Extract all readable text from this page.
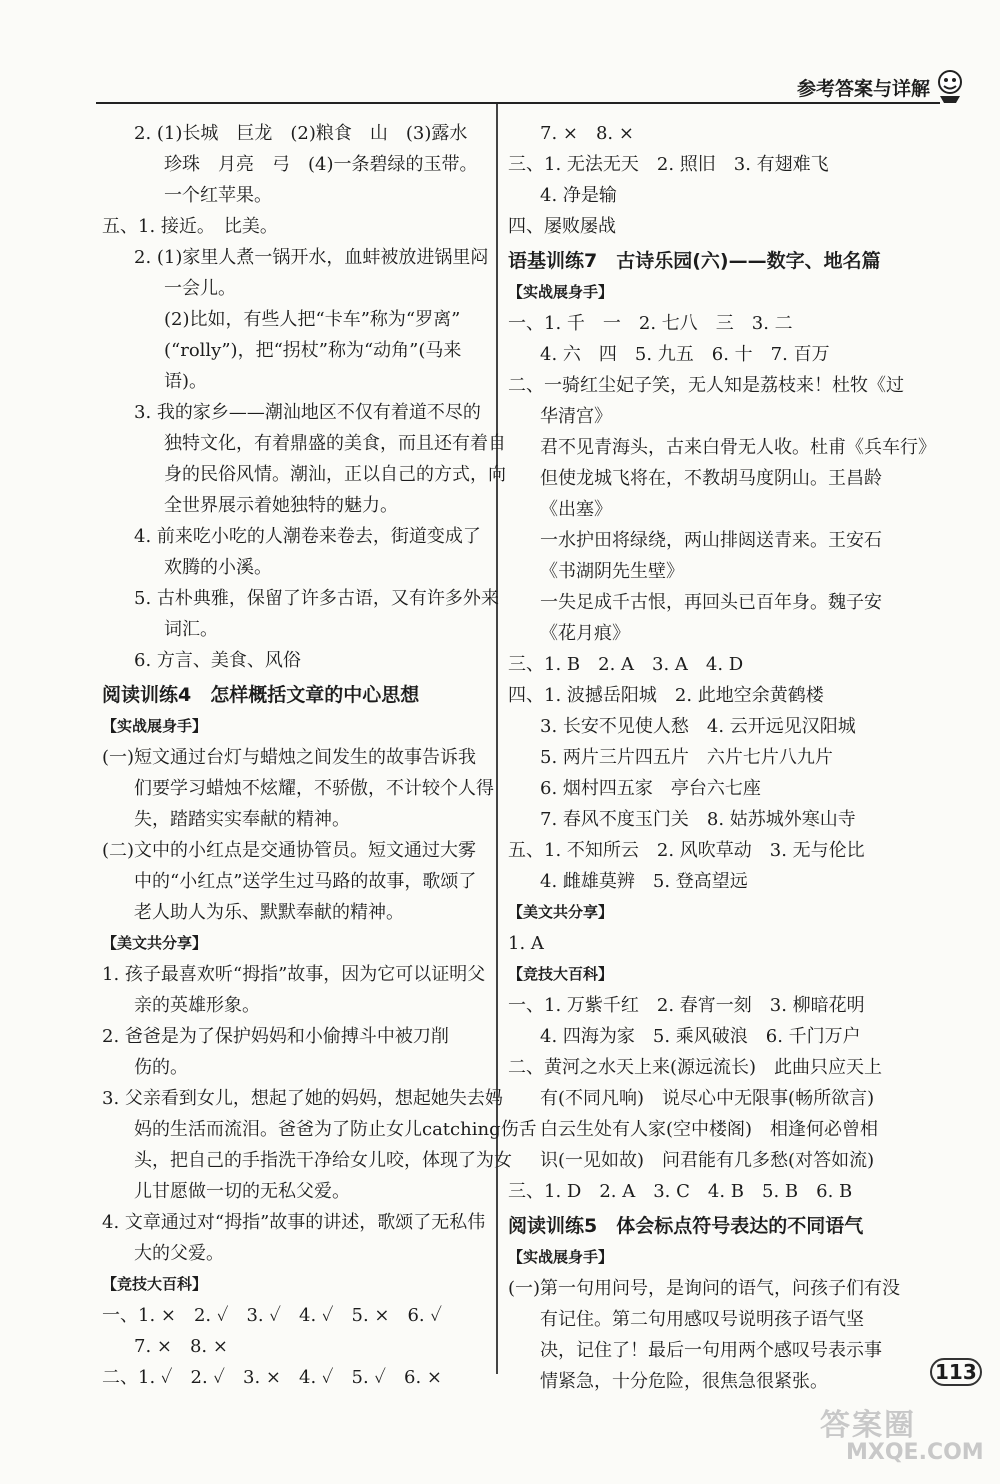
参考答案与详解
2. (1)长城　巨龙　(2)粮食　山　(3)露水
珍珠　月亮　弓　(4)一条碧绿的玉带。
一个红苹果。
五、1. 接近。　比美。
2. (1)家里人煮一锅开水，血蚌被放进锅里闷
一会儿。
(2)比如，有些人把“卡车”称为“罗离”
(“rolly”)，把“拐杖”称为“动角”(马来
语)。
3. 我的家乡——潮汕地区不仅有着道不尽的
独特文化，有着鼎盛的美食，而且还有着自
身的民俗风情。潮汕，正以自己的方式，向
全世界展示着她独特的魅力。
4. 前来吃小吃的人潮卷来卷去，街道变成了
欢腾的小溪。
5. 古朴典雅，保留了许多古语，又有许多外来
词汇。
6. 方言、美食、风俗
阅读训练4　怎样概括文章的中心思想
【实战展身手】
(一)短文通过台灯与蜡烛之间发生的故事告诉我
们要学习蜡烛不炫耀，不骄傲，不计较个人得
失，踏踏实实奉献的精神。
(二)文中的小红点是交通协管员。短文通过大雾
中的“小红点”送学生过马路的故事，歌颂了
老人助人为乐、默默奉献的精神。
【美文共分享】
1. 孩子最喜欢听“拇指”故事，因为它可以证明父
亲的英雄形象。
2. 爸爸是为了保护妈妈和小偷搏斗中被刀削
伤的。
3. 父亲看到女儿，想起了她的妈妈，想起她失去妈
妈的生活而流泪。爸爸为了防止女儿catching伤舌
头，把自己的手指洗干净给女儿咬，体现了为女
儿甘愿做一切的无私父爱。
4. 文章通过对“拇指”故事的讲述，歌颂了无私伟
大的父爱。
【竞技大百科】
一、1. ×　2. ✓　3. ✓　4. ✓　5. ×　6. ✓
7. ×　8. ×
二、1. ✓　2. ✓　3. ×　4. ✓　5. ✓　6. ×
7. ×　8. ×
三、1. 无法无天　2. 照旧　3. 有翅难飞
4. 净是输
四、屡败屡战
语基训练7　古诗乐园(六)——数字、地名篇
【实战展身手】
一、1. 千　一　2. 七八　三　3. 二
4. 六　四　5. 九五　6. 十　7. 百万
二、一骑红尘妃子笑，无人知是荔枝来！杜牧《过
华清宫》
君不见青海头，古来白骨无人收。杜甫《兵车行》
但使龙城飞将在，不教胡马度阴山。王昌龄
《出塞》
一水护田将绿绕，两山排闼送青来。王安石
《书湖阴先生壁》
一失足成千古恨，再回头已百年身。魏子安
《花月痕》
三、1. B　2. A　3. A　4. D
四、1. 波撼岳阳城　2. 此地空余黄鹤楼
3. 长安不见使人愁　4. 云开远见汉阳城
5. 两片三片四五片　六片七片八九片
6. 烟村四五家　亭台六七座
7. 春风不度玉门关　8. 姑苏城外寒山寺
五、1. 不知所云　2. 风吹草动　3. 无与伦比
4. 雌雄莫辨　5. 登高望远
【美文共分享】
1. A
【竞技大百科】
一、1. 万紫千红　2. 春宵一刻　3. 柳暗花明
4. 四海为家　5. 乘风破浪　6. 千门万户
二、黄河之水天上来(源远流长)　此曲只应天上
有(不同凡响)　说尽心中无限事(畅所欲言)
白云生处有人家(空中楼阁)　相逢何必曾相
识(一见如故)　问君能有几多愁(对答如流)
三、1. D　2. A　3. C　4. B　5. B　6. B
阅读训练5　体会标点符号表达的不同语气
【实战展身手】
(一)第一句用问号，是询问的语气，问孩子们有没
有记住。第二句用感叹号说明孩子语气坚
决，记住了！最后一句用两个感叹号表示事
情紧急，十分危险，很焦急很紧张。	113
答案圈
MXQE.COM
